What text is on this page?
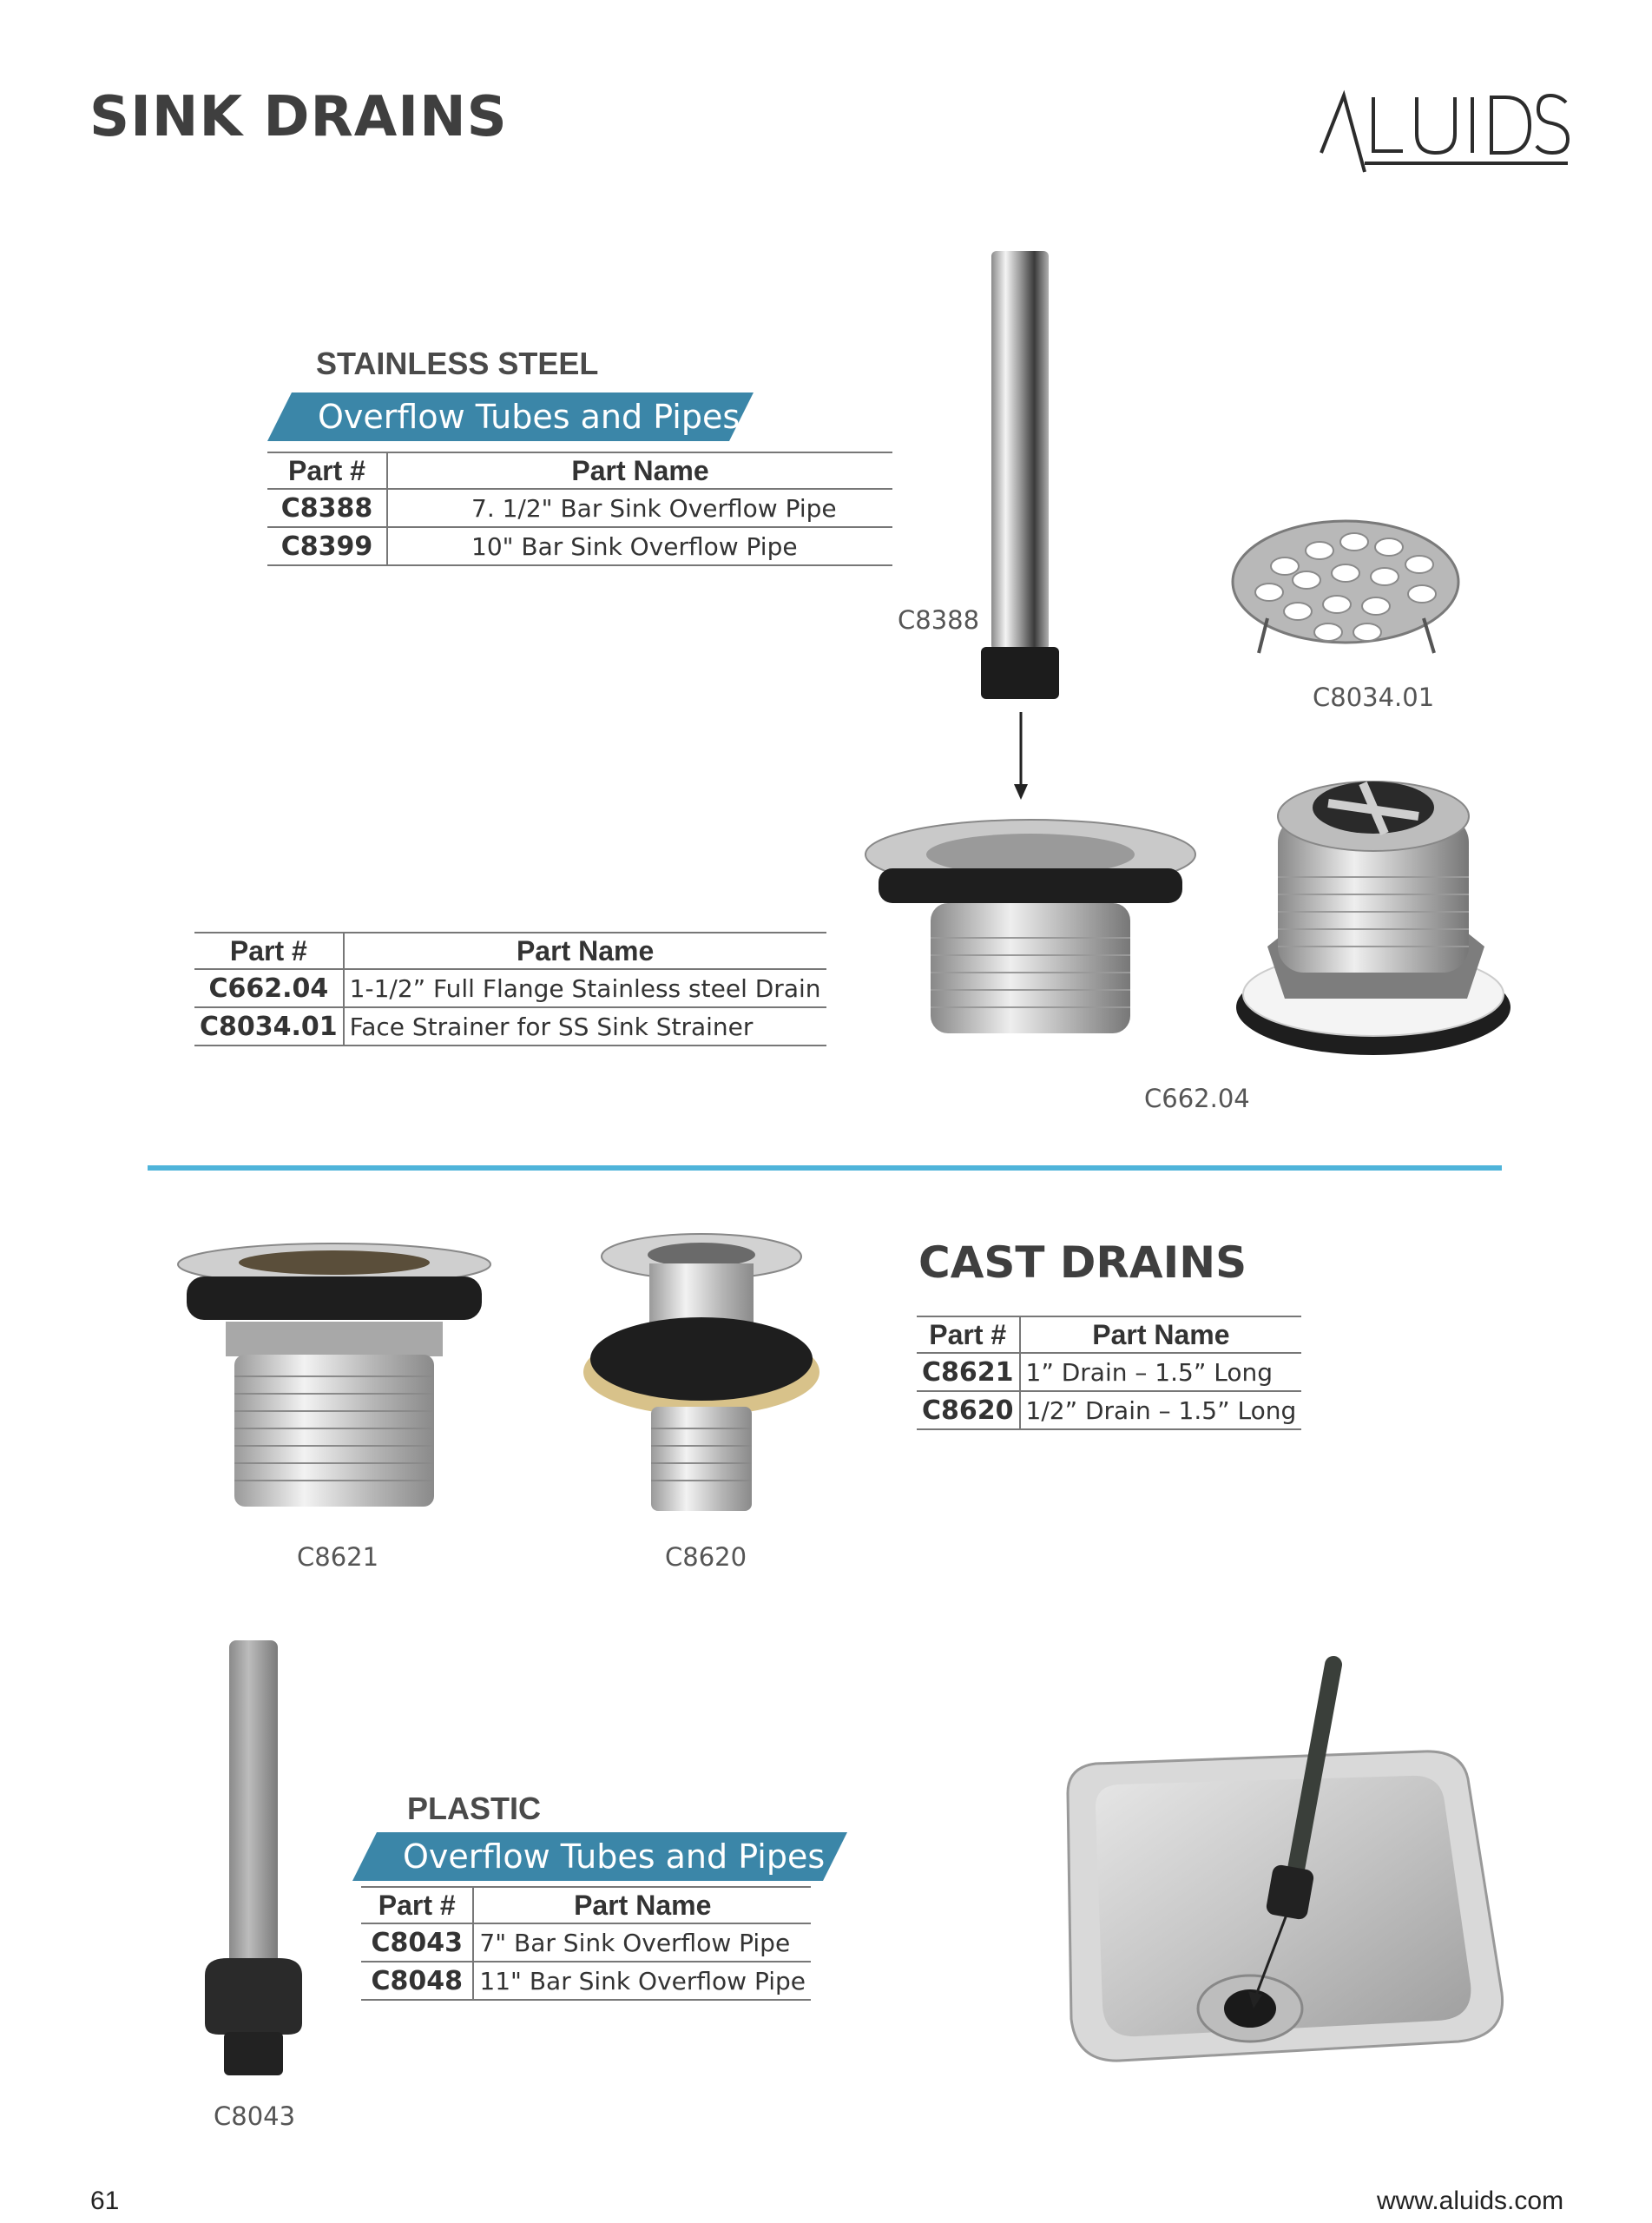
SINK DRAINS
STAINLESS STEEL
Overflow Tubes and Pipes
Part #	Part Name
C8388	7. 1/2" Bar Sink Overflow Pipe
C8399	10" Bar Sink Overflow Pipe
C8388
C8034.01
C662.04
Part #	Part Name
C662.04	1-1/2” Full Flange Stainless steel Drain
C8034.01	Face Strainer for SS Sink Strainer
C8621	C8620
CAST DRAINS
Part #	Part Name
C8621	1” Drain – 1.5” Long
C8620	1/2” Drain – 1.5” Long
C8043
PLASTIC
Overflow Tubes and Pipes
Part #	Part Name
C8043	7" Bar Sink Overflow Pipe
C8048	11" Bar Sink Overflow Pipe
61	www.aluids.com
